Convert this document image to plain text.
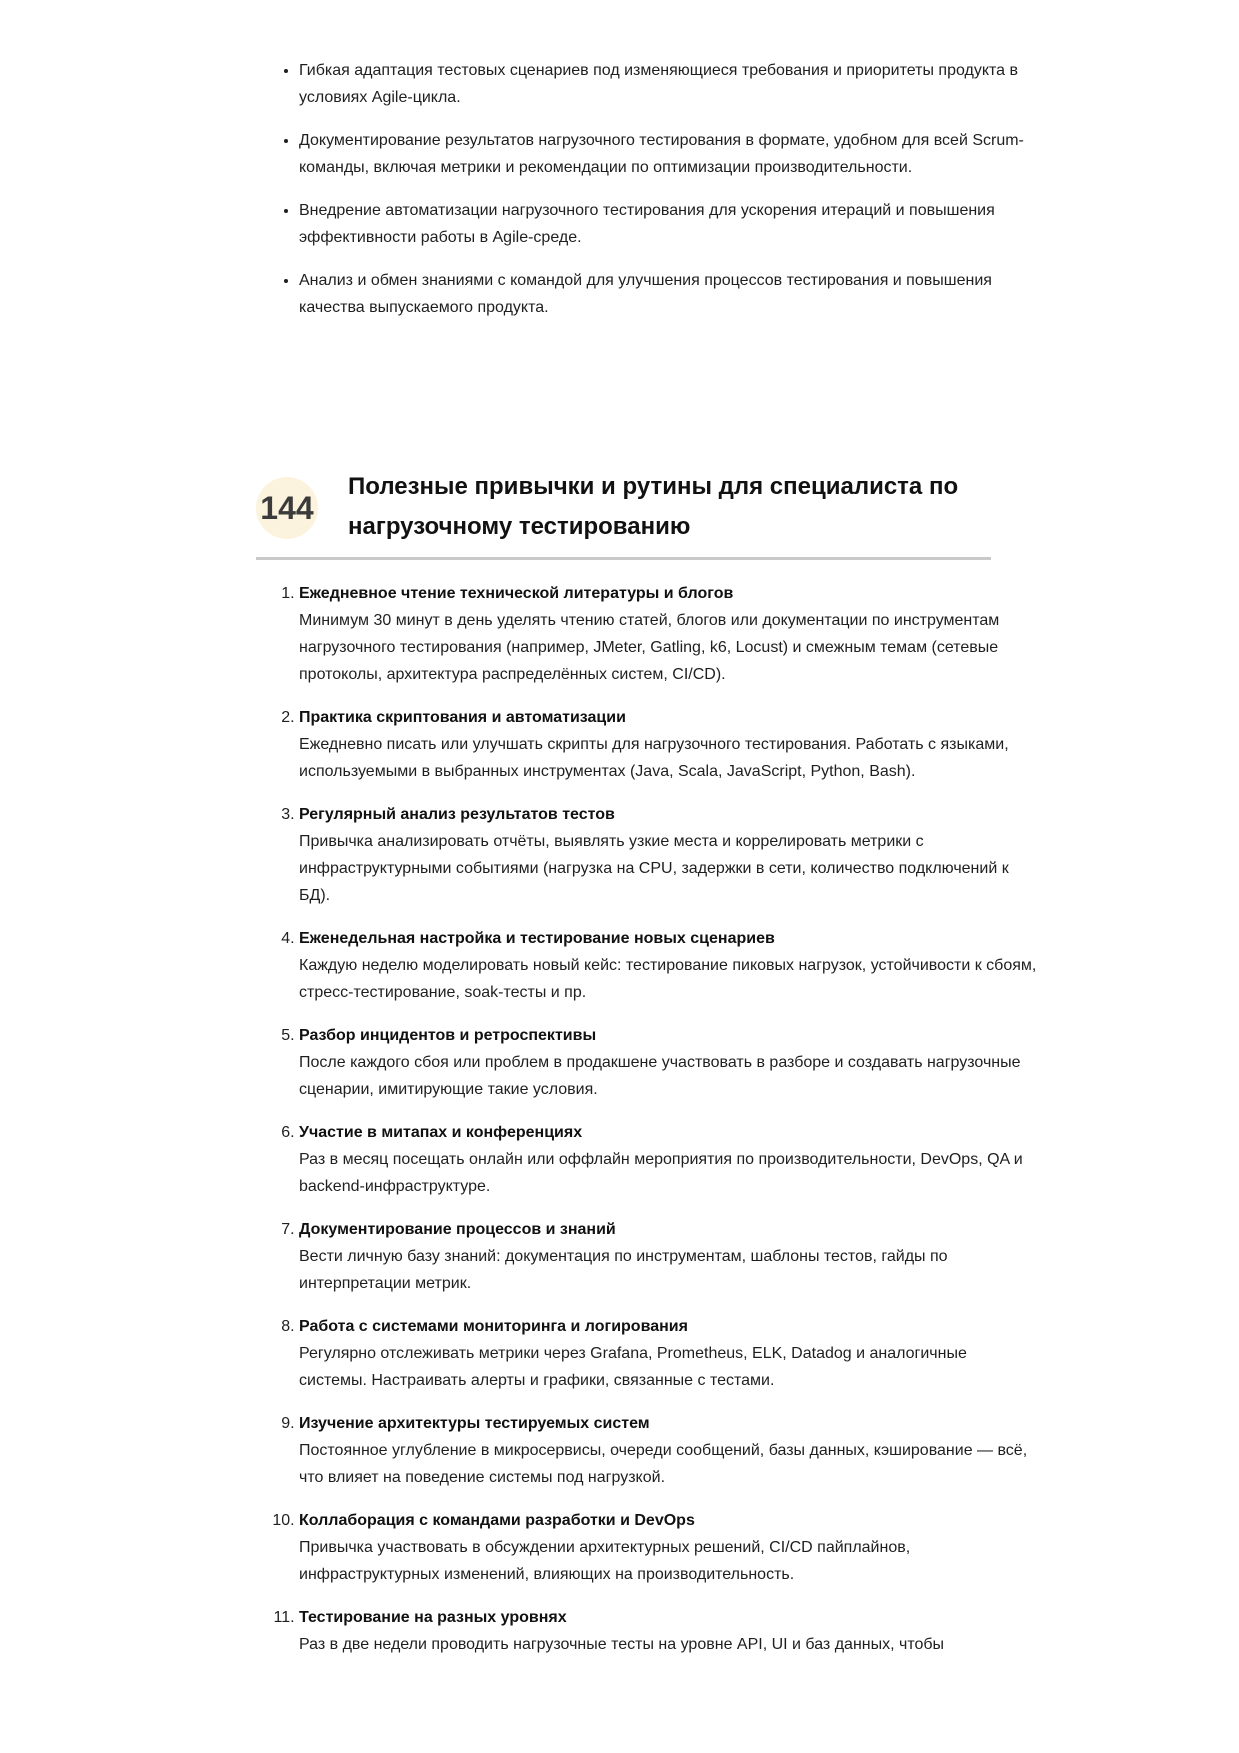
• Гибкая адаптация тестовых сценариев под изменяющиеся требования и приоритеты продукта в условиях Agile-цикла.
• Документирование результатов нагрузочного тестирования в формате, удобном для всей Scrum-команды, включая метрики и рекомендации по оптимизации производительности.
• Внедрение автоматизации нагрузочного тестирования для ускорения итераций и повышения эффективности работы в Agile-среде.
• Анализ и обмен знаниями с командой для улучшения процессов тестирования и повышения качества выпускаемого продукта.
144
Полезные привычки и рутины для специалиста по нагрузочному тестированию
1. Ежедневное чтение технической литературы и блогов
Минимум 30 минут в день уделять чтению статей, блогов или документации по инструментам нагрузочного тестирования (например, JMeter, Gatling, k6, Locust) и смежным темам (сетевые протоколы, архитектура распределённых систем, CI/CD).
2. Практика скриптования и автоматизации
Ежедневно писать или улучшать скрипты для нагрузочного тестирования. Работать с языками, используемыми в выбранных инструментах (Java, Scala, JavaScript, Python, Bash).
3. Регулярный анализ результатов тестов
Привычка анализировать отчёты, выявлять узкие места и коррелировать метрики с инфраструктурными событиями (нагрузка на CPU, задержки в сети, количество подключений к БД).
4. Еженедельная настройка и тестирование новых сценариев
Каждую неделю моделировать новый кейс: тестирование пиковых нагрузок, устойчивости к сбоям, стресс-тестирование, soak-тесты и пр.
5. Разбор инцидентов и ретроспективы
После каждого сбоя или проблем в продакшене участвовать в разборе и создавать нагрузочные сценарии, имитирующие такие условия.
6. Участие в митапах и конференциях
Раз в месяц посещать онлайн или оффлайн мероприятия по производительности, DevOps, QA и backend-инфраструктуре.
7. Документирование процессов и знаний
Вести личную базу знаний: документация по инструментам, шаблоны тестов, гайды по интерпретации метрик.
8. Работа с системами мониторинга и логирования
Регулярно отслеживать метрики через Grafana, Prometheus, ELK, Datadog и аналогичные системы. Настраивать алерты и графики, связанные с тестами.
9. Изучение архитектуры тестируемых систем
Постоянное углубление в микросервисы, очереди сообщений, базы данных, кэширование — всё, что влияет на поведение системы под нагрузкой.
10. Коллаборация с командами разработки и DevOps
Привычка участвовать в обсуждении архитектурных решений, CI/CD пайплайнов, инфраструктурных изменений, влияющих на производительность.
11. Тестирование на разных уровнях
Раз в две недели проводить нагрузочные тесты на уровне API, UI и баз данных, чтобы
